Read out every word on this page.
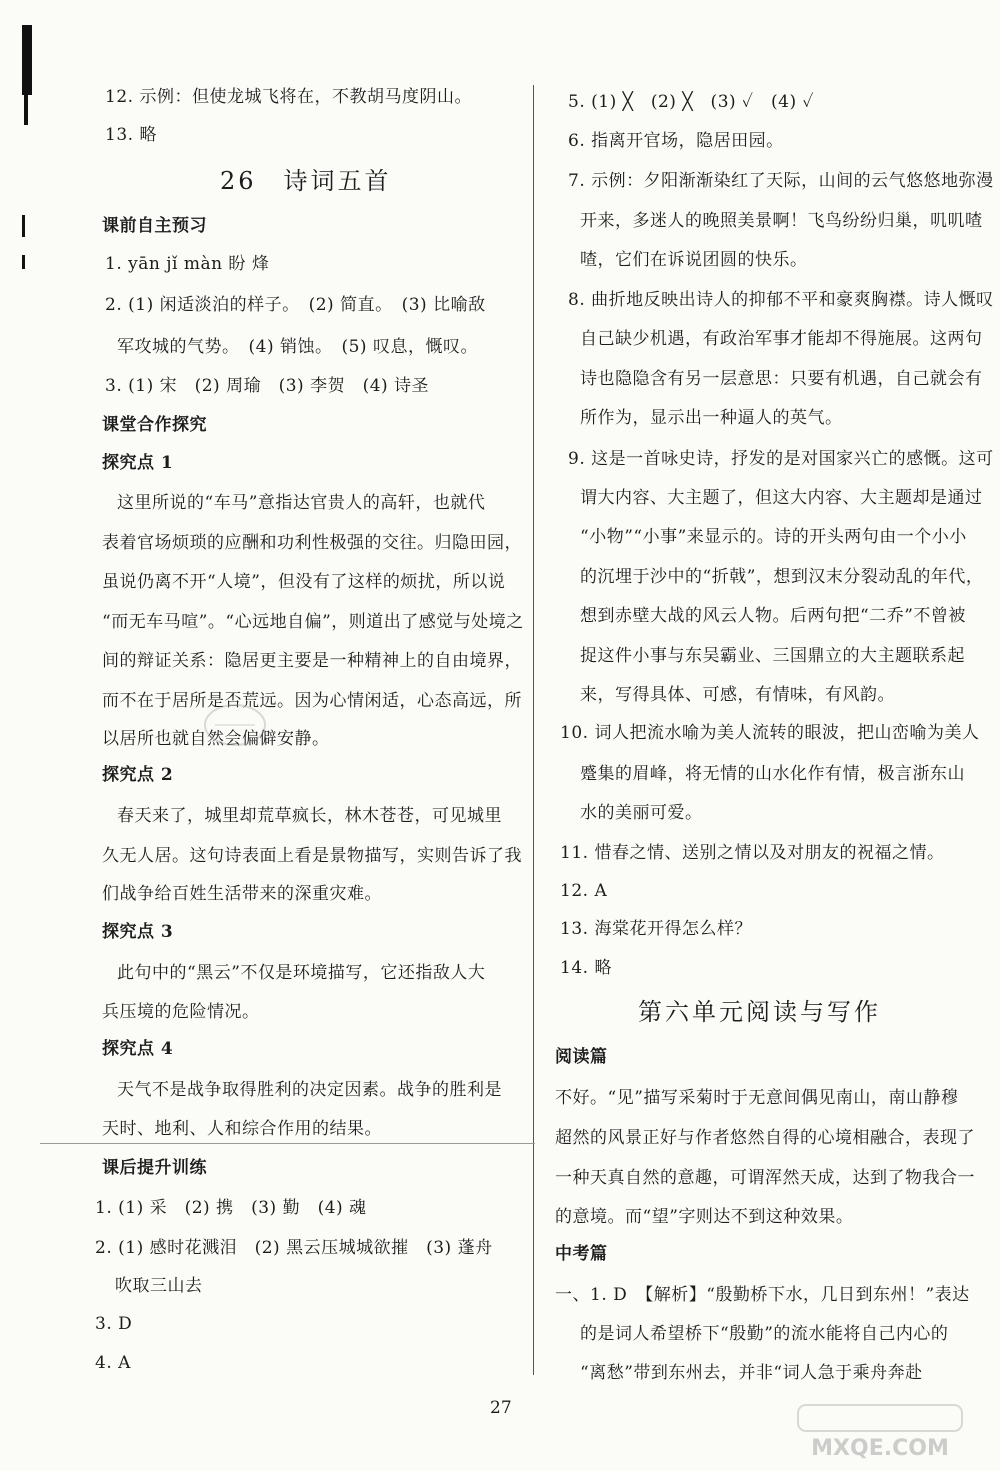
12. 示例：但使龙城飞将在，不教胡马度阴山。

13. 略

26　诗词五首

课前自主预习

1. yān jǐ màn 盼 烽

2. (1) 闲适淡泊的样子。　(2) 简直。　(3) 比喻敌

军攻城的气势。　(4) 销蚀。　(5) 叹息，慨叹。

3. (1) 宋　(2) 周瑜　(3) 李贺　(4) 诗圣

课堂合作探究

探究点 1

这里所说的“车马”意指达官贵人的高轩，也就代

表着官场烦琐的应酬和功利性极强的交往。归隐田园，

虽说仍离不开“人境”，但没有了这样的烦扰，所以说

“而无车马喧”。“心远地自偏”，则道出了感觉与处境之

间的辩证关系：隐居更主要是一种精神上的自由境界，

而不在于居所是否荒远。因为心情闲适，心态高远，所

以居所也就自然会偏僻安静。

探究点 2

春天来了，城里却荒草疯长，林木苍苍，可见城里

久无人居。这句诗表面上看是景物描写，实则告诉了我

们战争给百姓生活带来的深重灾难。

探究点 3

此句中的“黑云”不仅是环境描写，它还指敌人大

兵压境的危险情况。

探究点 4

天气不是战争取得胜利的决定因素。战争的胜利是

天时、地利、人和综合作用的结果。

课后提升训练

1. (1) 采　(2) 携　(3) 勤　(4) 魂

2. (1) 感时花溅泪　(2) 黑云压城城欲摧　(3) 蓬舟

吹取三山去

3. D

4. A

5. (1) ╳　(2) ╳　(3) ✓　(4) ✓

6. 指离开官场，隐居田园。

7. 示例：夕阳渐渐染红了天际，山间的云气悠悠地弥漫

开来，多迷人的晚照美景啊！飞鸟纷纷归巢，叽叽喳

喳，它们在诉说团圆的快乐。

8. 曲折地反映出诗人的抑郁不平和豪爽胸襟。诗人慨叹

自己缺少机遇，有政治军事才能却不得施展。这两句

诗也隐隐含有另一层意思：只要有机遇，自己就会有

所作为，显示出一种逼人的英气。

9. 这是一首咏史诗，抒发的是对国家兴亡的感慨。这可

谓大内容、大主题了，但这大内容、大主题却是通过

“小物”“小事”来显示的。诗的开头两句由一个小小

的沉埋于沙中的“折戟”，想到汉末分裂动乱的年代，

想到赤壁大战的风云人物。后两句把“二乔”不曾被

捉这件小事与东吴霸业、三国鼎立的大主题联系起

来，写得具体、可感，有情味，有风韵。

10. 词人把流水喻为美人流转的眼波，把山峦喻为美人

蹙集的眉峰，将无情的山水化作有情，极言浙东山

水的美丽可爱。

11. 惜春之情、送别之情以及对朋友的祝福之情。

12. A

13. 海棠花开得怎么样？

14. 略

第六单元阅读与写作

阅读篇

不好。“见”描写采菊时于无意间偶见南山，南山静穆

超然的风景正好与作者悠然自得的心境相融合，表现了

一种天真自然的意趣，可谓浑然天成，达到了物我合一

的意境。而“望”字则达不到这种效果。

中考篇

一、1. D　【解析】“殷勤桥下水，几日到东州！”表达

的是词人希望桥下“殷勤”的流水能将自己内心的

“离愁”带到东州去，并非“词人急于乘舟奔赴

27

MXQE.COM
